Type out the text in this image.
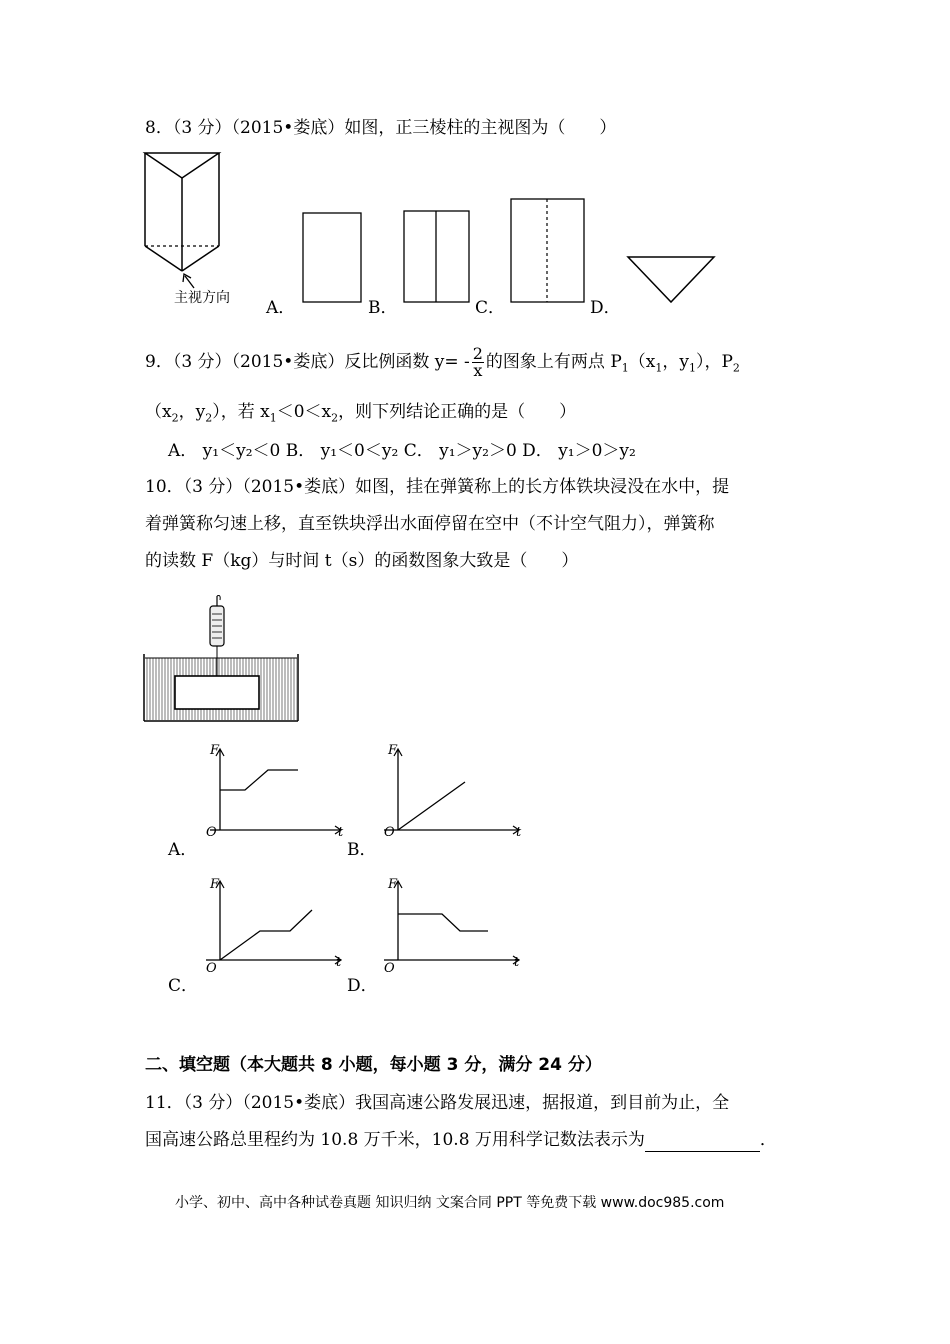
8．（3 分）（2015•娄底）如图，正三棱柱的主视图为（　　）
主视方向 A．	B．	C．	D．
9．（3 分）（2015•娄底）反比例函数 $y= - \frac{2}{x}$ 的图象上有两点 $P_1(x_1$，$y_1$），$P_2$
（$x_2$，$y_2$），若 $x_1<0<x_2$，则下列结论正确的是（　　）
A． y₁＜y₂＜0 B． y₁＜0＜y₂ C． y₁＞y₂＞0 D． y₁＞0＞y₂
10．（3 分）（2015•娄底）如图，挂在弹簧称上的长方体铁块浸没在水中，提
着弹簧称匀速上移，直至铁块浮出水面停留在空中（不计空气阻力），弹簧称
的读数 F（kg）与时间 t（s）的函数图象大致是（　　）
A．
F
t
O
B．
F
t
O
C．
F
t
O
D．
F
t
O
二、填空题（本大题共 8 小题，每小题 3 分，满分 24 分）
11．（3 分）（2015•娄底）我国高速公路发展迅速，据报道，到目前为止，全
国高速公路总里程约为 10.8 万千米，10.8 万用科学记数法表示为	．
小学、初中、高中各种试卷真题 知识归纳 文案合同 PPT 等免费下载 www.doc985.com
